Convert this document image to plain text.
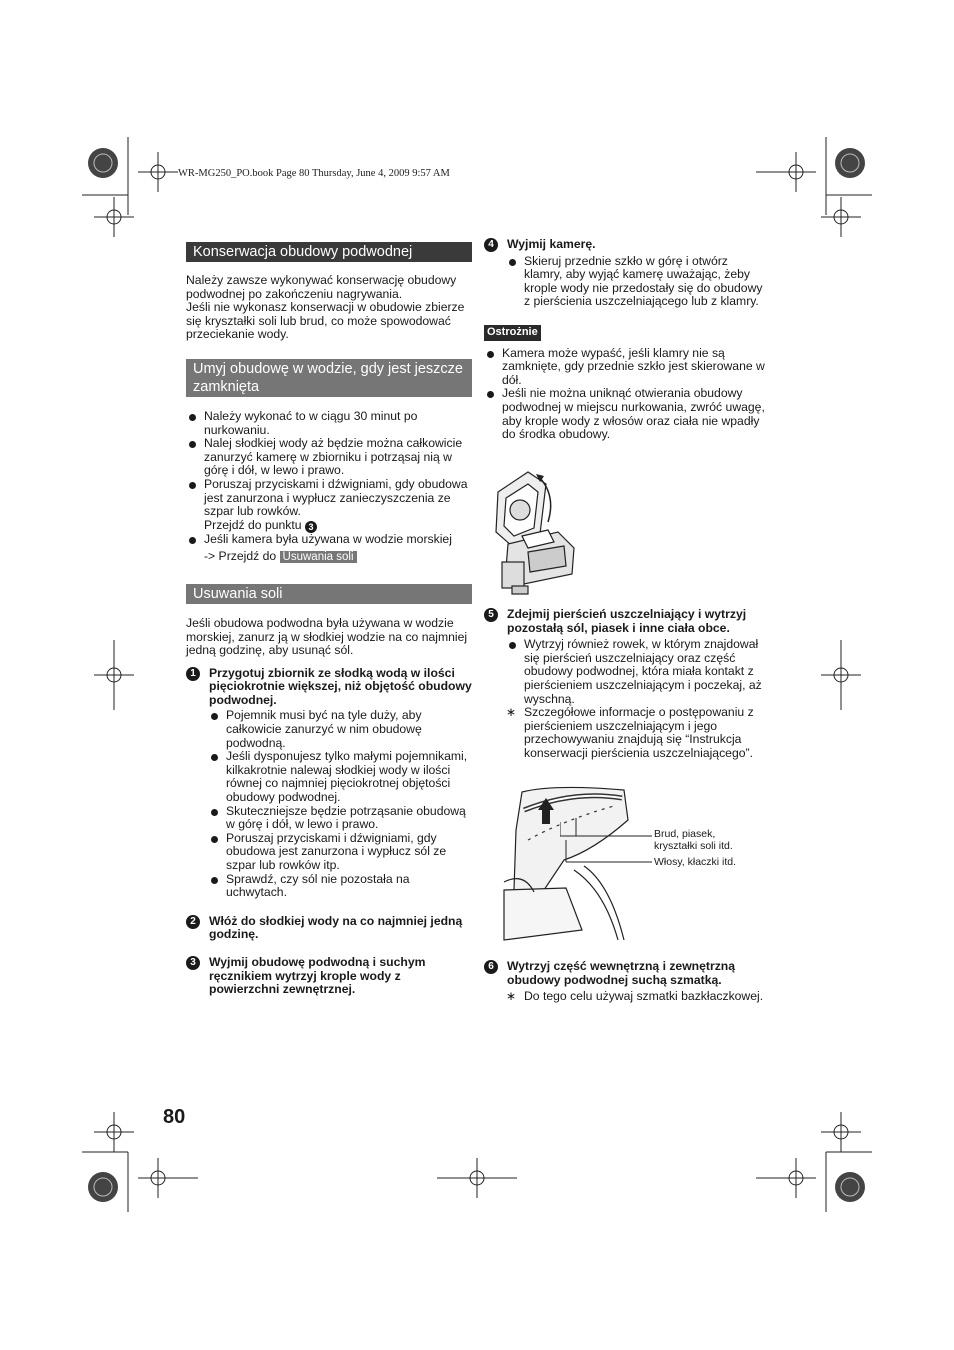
WR-MG250_PO.book Page 80 Thursday, June 4, 2009 9:57 AM
Konserwacja obudowy podwodnej

Należy zawsze wykonywać konserwację obudowy podwodnej po zakończeniu nagrywania.

Jeśli nie wykonasz konserwacji w obudowie zbierze się kryształki soli lub brud, co może spowodować przeciekanie wody.

Umyj obudowę w wodzie, gdy jest jeszcze zamknięta
Należy wykonać to w ciągu 30 minut po nurkowaniu.
Nalej słodkiej wody aż będzie można całkowicie zanurzyć kamerę w zbiorniku i potrząsaj nią w górę i dół, w lewo i prawo.
Poruszaj przyciskami i dźwigniami, gdy obudowa jest zanurzona i wypłucz zanieczyszczenia ze szpar lub rowków.
Przejdź do punktu 3
Jeśli kamera była używana w wodzie morskiej
-> Przejdź do Usuwania soli
Usuwania soli

Jeśli obudowa podwodna była używana w wodzie morskiej, zanurz ją w słodkiej wodzie na co najmniej jedną godzinę, aby usunąć sól.

1	Przygotuj zbiornik ze słodką wodą w ilości pięciokrotnie większej, niż objętość obudowy podwodnej.
Pojemnik musi być na tyle duży, aby całkowicie zanurzyć w nim obudowę podwodną.
Jeśli dysponujesz tylko małymi pojemnikami, kilkakrotnie nalewaj słodkiej wody w ilości równej co najmniej pięciokrotnej objętości obudowy podwodnej.
Skuteczniejsze będzie potrząsanie obudową w górę i dół, w lewo i prawo.
Poruszaj przyciskami i dźwigniami, gdy obudowa jest zanurzona i wypłucz sól ze szpar lub rowków itp.
Sprawdź, czy sól nie pozostała na uchwytach.
2	Włóż do słodkiej wody na co najmniej jedną godzinę.
3	Wyjmij obudowę podwodną i suchym ręcznikiem wytrzyj krople wody z powierzchni zewnętrznej.
4	Wyjmij kamerę.
Skieruj przednie szkło w górę i otwórz klamry, aby wyjąć kamerę uważając, żeby krople wody nie przedostały się do obudowy z pierścienia uszczelniającego lub z klamry.
Ostrożnie
Kamera może wypaść, jeśli klamry nie są zamknięte, gdy przednie szkło jest skierowane w dół.
Jeśli nie można uniknąć otwierania obudowy podwodnej w miejscu nurkowania, zwróć uwagę, aby krople wody z włosów oraz ciała nie wpadły do środka obudowy.
5	Zdejmij pierścień uszczelniający i wytrzyj pozostałą sól, piasek i inne ciała obce.
Wytrzyj również rowek, w którym znajdował się pierścień uszczelniający oraz część obudowy podwodnej, która miała kontakt z pierścieniem uszczelniającym i poczekaj, aż wyschną.
∗ Szczegółowe informacje o postępowaniu z pierścieniem uszczelniającym i jego przechowywaniu znajdują się “Instrukcja konserwacji pierścienia uszczelniającego”.
Brud, piasek, kryształki soli itd.
Włosy, kłaczki itd.
6	Wytrzyj część wewnętrzną i zewnętrzną obudowy podwodnej suchą szmatką.
∗ Do tego celu używaj szmatki bazkłaczkowej.
80
